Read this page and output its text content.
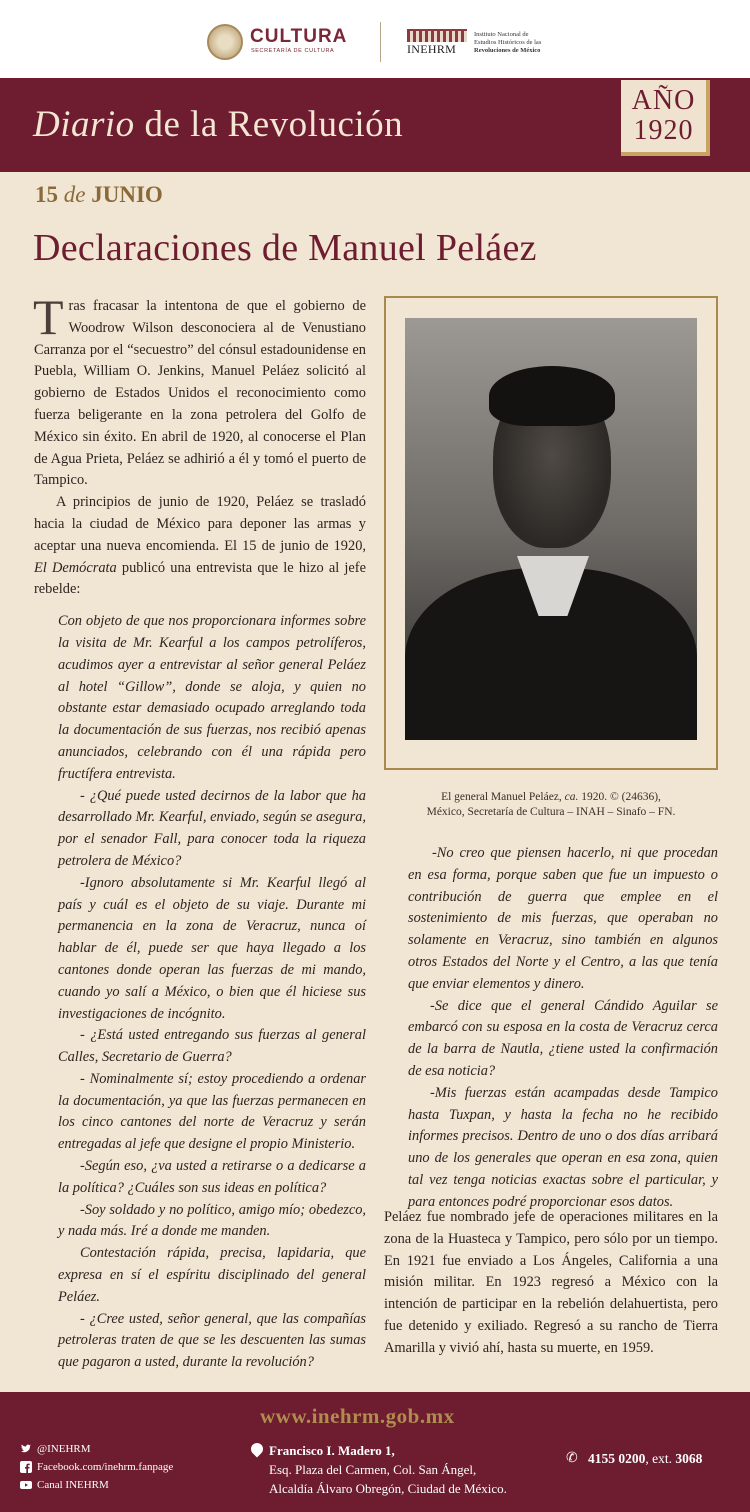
CULTURA
SECRETARÍA DE CULTURA	INEHRM
Instituto Nacional de
Estudios Históricos de las
Revoluciones de México
Diario de la Revolución
AÑO
1920
15 de JUNIO
Declaraciones de Manuel Peláez

Tras fracasar la intentona de que el gobierno de Woodrow Wilson desconociera al de Venustiano Carranza por el “secuestro” del cónsul estadounidense en Puebla, William O. Jenkins, Manuel Peláez solicitó al gobierno de Estados Unidos el reconocimiento como fuerza beligerante en la zona petrolera del Golfo de México sin éxito. En abril de 1920, al conocerse el Plan de Agua Prieta, Peláez se adhirió a él y tomó el puerto de Tampico.

A principios de junio de 1920, Peláez se trasladó hacia la ciudad de México para deponer las armas y aceptar una nueva encomienda. El 15 de junio de 1920, El Demócrata publicó una entrevista que le hizo al jefe rebelde:

Con objeto de que nos proporcionara informes sobre la visita de Mr. Kearful a los campos petrolíferos, acudimos ayer a entrevistar al señor general Peláez al hotel “Gillow”, donde se aloja, y quien no obstante estar demasiado ocupado arreglando toda la documentación de sus fuerzas, nos recibió apenas anunciados, celebrando con él una rápida pero fructífera entrevista.

- ¿Qué puede usted decirnos de la labor que ha desarrollado Mr. Kearful, enviado, según se asegura, por el senador Fall, para conocer toda la riqueza petrolera de México?

-Ignoro absolutamente si Mr. Kearful llegó al país y cuál es el objeto de su viaje. Durante mi permanencia en la zona de Veracruz, nunca oí hablar de él, puede ser que haya llegado a los cantones donde operan las fuerzas de mi mando, cuando yo salí a México, o bien que él hiciese sus investigaciones de incógnito.

- ¿Está usted entregando sus fuerzas al general Calles, Secretario de Guerra?

- Nominalmente sí; estoy procediendo a ordenar la documentación, ya que las fuerzas permanecen en los cinco cantones del norte de Veracruz y serán entregadas al jefe que designe el propio Ministerio.

-Según eso, ¿va usted a retirarse o a dedicarse a la política? ¿Cuáles son sus ideas en política?

-Soy soldado y no político, amigo mío; obedezco, y nada más. Iré a donde me manden.

Contestación rápida, precisa, lapidaria, que expresa en sí el espíritu disciplinado del general Peláez.

- ¿Cree usted, señor general, que las compañías petroleras traten de que se les descuenten las sumas que pagaron a usted, durante la revolución?

El general Manuel Peláez, ca. 1920. © (24636),
México, Secretaría de Cultura – INAH – Sinafo – FN.

-No creo que piensen hacerlo, ni que procedan en esa forma, porque saben que fue un impuesto o contribución de guerra que emplee en el sostenimiento de mis fuerzas, que operaban no solamente en Veracruz, sino también en algunos otros Estados del Norte y el Centro, a las que tenía que enviar elementos y dinero.

-Se dice que el general Cándido Aguilar se embarcó con su esposa en la costa de Veracruz cerca de la barra de Nautla, ¿tiene usted la confirmación de esa noticia?

-Mis fuerzas están acampadas desde Tampico hasta Tuxpan, y hasta la fecha no he recibido informes precisos. Dentro de uno o dos días arribará uno de los generales que operan en esa zona, quien tal vez tenga noticias exactas sobre el particular, y para entonces podré proporcionar esos datos.

Peláez fue nombrado jefe de operaciones militares en la zona de la Huasteca y Tampico, pero sólo por un tiempo. En 1921 fue enviado a Los Ángeles, California a una misión militar. En 1923 regresó a México con la intención de participar en la rebelión delahuertista, pero fue detenido y exiliado. Regresó a su rancho de Tierra Amarilla y vivió ahí, hasta su muerte, en 1959.
www.inehrm.gob.mx
@INEHRM
Facebook.com/inehrm.fanpage
Canal INEHRM
Francisco I. Madero 1,
Esq. Plaza del Carmen, Col. San Ángel,
Alcaldía Álvaro Obregón, Ciudad de México.
✆ 4155 0200, ext. 3068
